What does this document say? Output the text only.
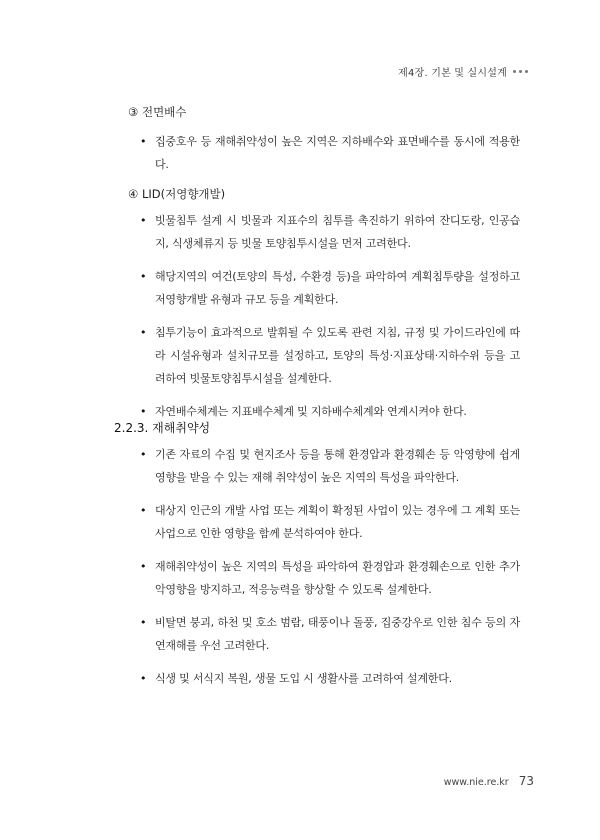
제4장. 기본 및 실시설계
③ 전면배수
• 집중호우 등 재해취약성이 높은 지역은 지하배수와 표면배수를 동시에 적용한다.
④ LID(저영향개발)
• 빗물침투 설계 시 빗물과 지표수의 침투를 촉진하기 위하여 잔디도랑, 인공습지, 식생체류지 등 빗물 토양침투시설을 먼저 고려한다.
• 해당지역의 여건(토양의 특성, 수환경 등)을 파악하여 계획침투량을 설정하고 저영향개발 유형과 규모 등을 계획한다.
• 침투기능이 효과적으로 발휘될 수 있도록 관련 지침, 규정 및 가이드라인에 따라 시설유형과 설치규모를 설정하고, 토양의 특성·지표상태·지하수위 등을 고려하여 빗물토양침투시설을 설계한다.
• 자연배수체계는 지표배수체계 및 지하배수체계와 연계시켜야 한다.
2.2.3. 재해취약성
• 기존 자료의 수집 및 현지조사 등을 통해 환경압과 환경훼손 등 악영향에 쉽게 영향을 받을 수 있는 재해 취약성이 높은 지역의 특성을 파악한다.
• 대상지 인근의 개발 사업 또는 계획이 확정된 사업이 있는 경우에 그 계획 또는 사업으로 인한 영향을 함께 분석하여야 한다.
• 재해취약성이 높은 지역의 특성을 파악하여 환경압과 환경훼손으로 인한 추가 악영향을 방지하고, 적응능력을 향상할 수 있도록 설계한다.
• 비탈면 붕괴, 하천 및 호소 범람, 태풍이나 돌풍, 집중강우로 인한 침수 등의 자연재해를 우선 고려한다.
• 식생 및 서식지 복원, 생물 도입 시 생활사를 고려하여 설계한다.
www.nie.re.kr 73
